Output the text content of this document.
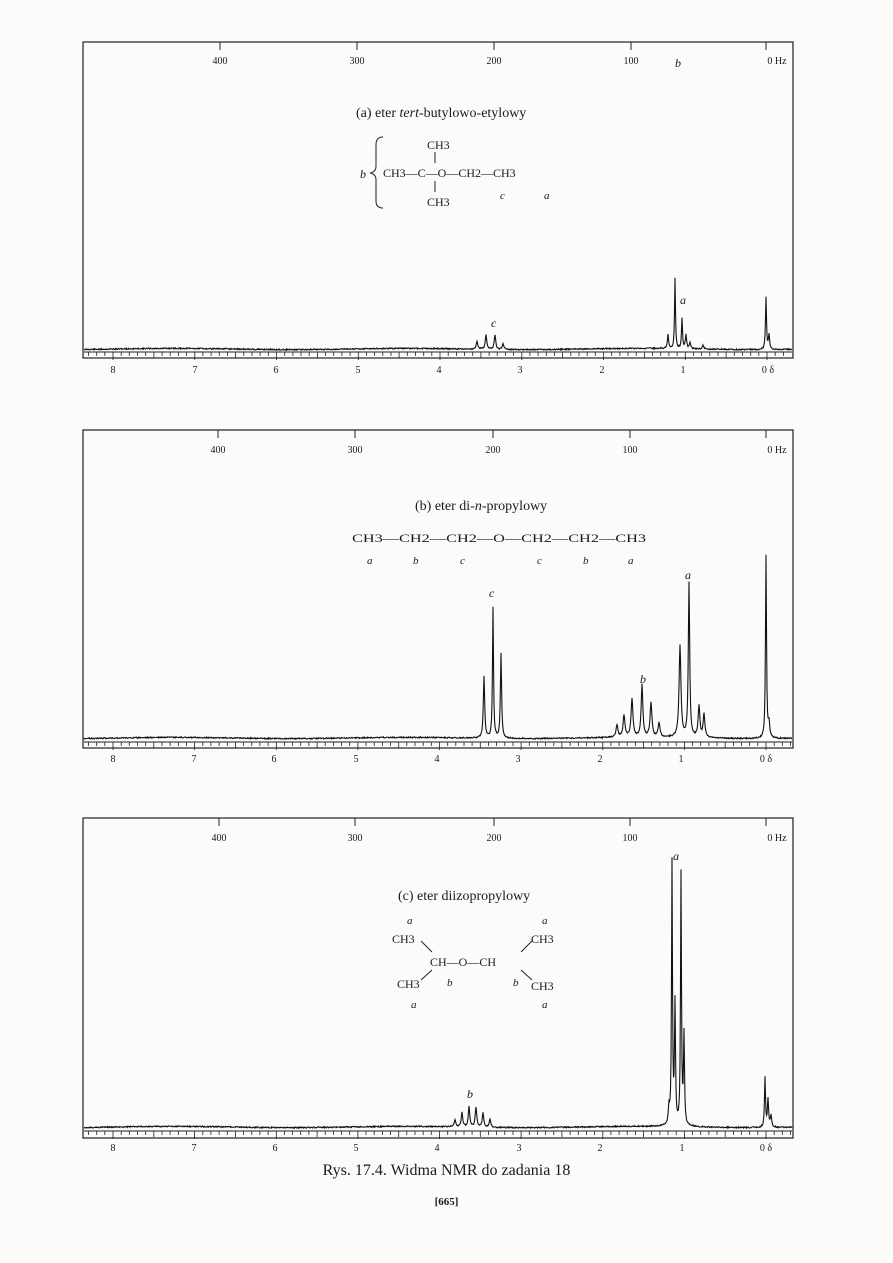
400	300	200	100	0 Hz
8	7	6	5	4	3	2	1	0 δ
(a) eter tert-butylowo-etylowy
b
CH3
CH3—C—O—CH2—CH3
CH3	c	a
b
a
c
400	300	200	100	0 Hz
8	7	6	5	4	3	2	1	0 δ
(b) eter di-n-propylowy
CH3—CH2—CH2—O—CH2—CH2—CH3
a	b	c	c	b	a
c
b
a
400	300	200	100	0 Hz
8	7	6	5	4	3	2	1	0 δ
(c) eter diizopropylowy
a	a
CH3	CH3
CH—O—CH
b	b
CH3	CH3
a	a
a
b
Rys. 17.4. Widma NMR do zadania 18
[665]
